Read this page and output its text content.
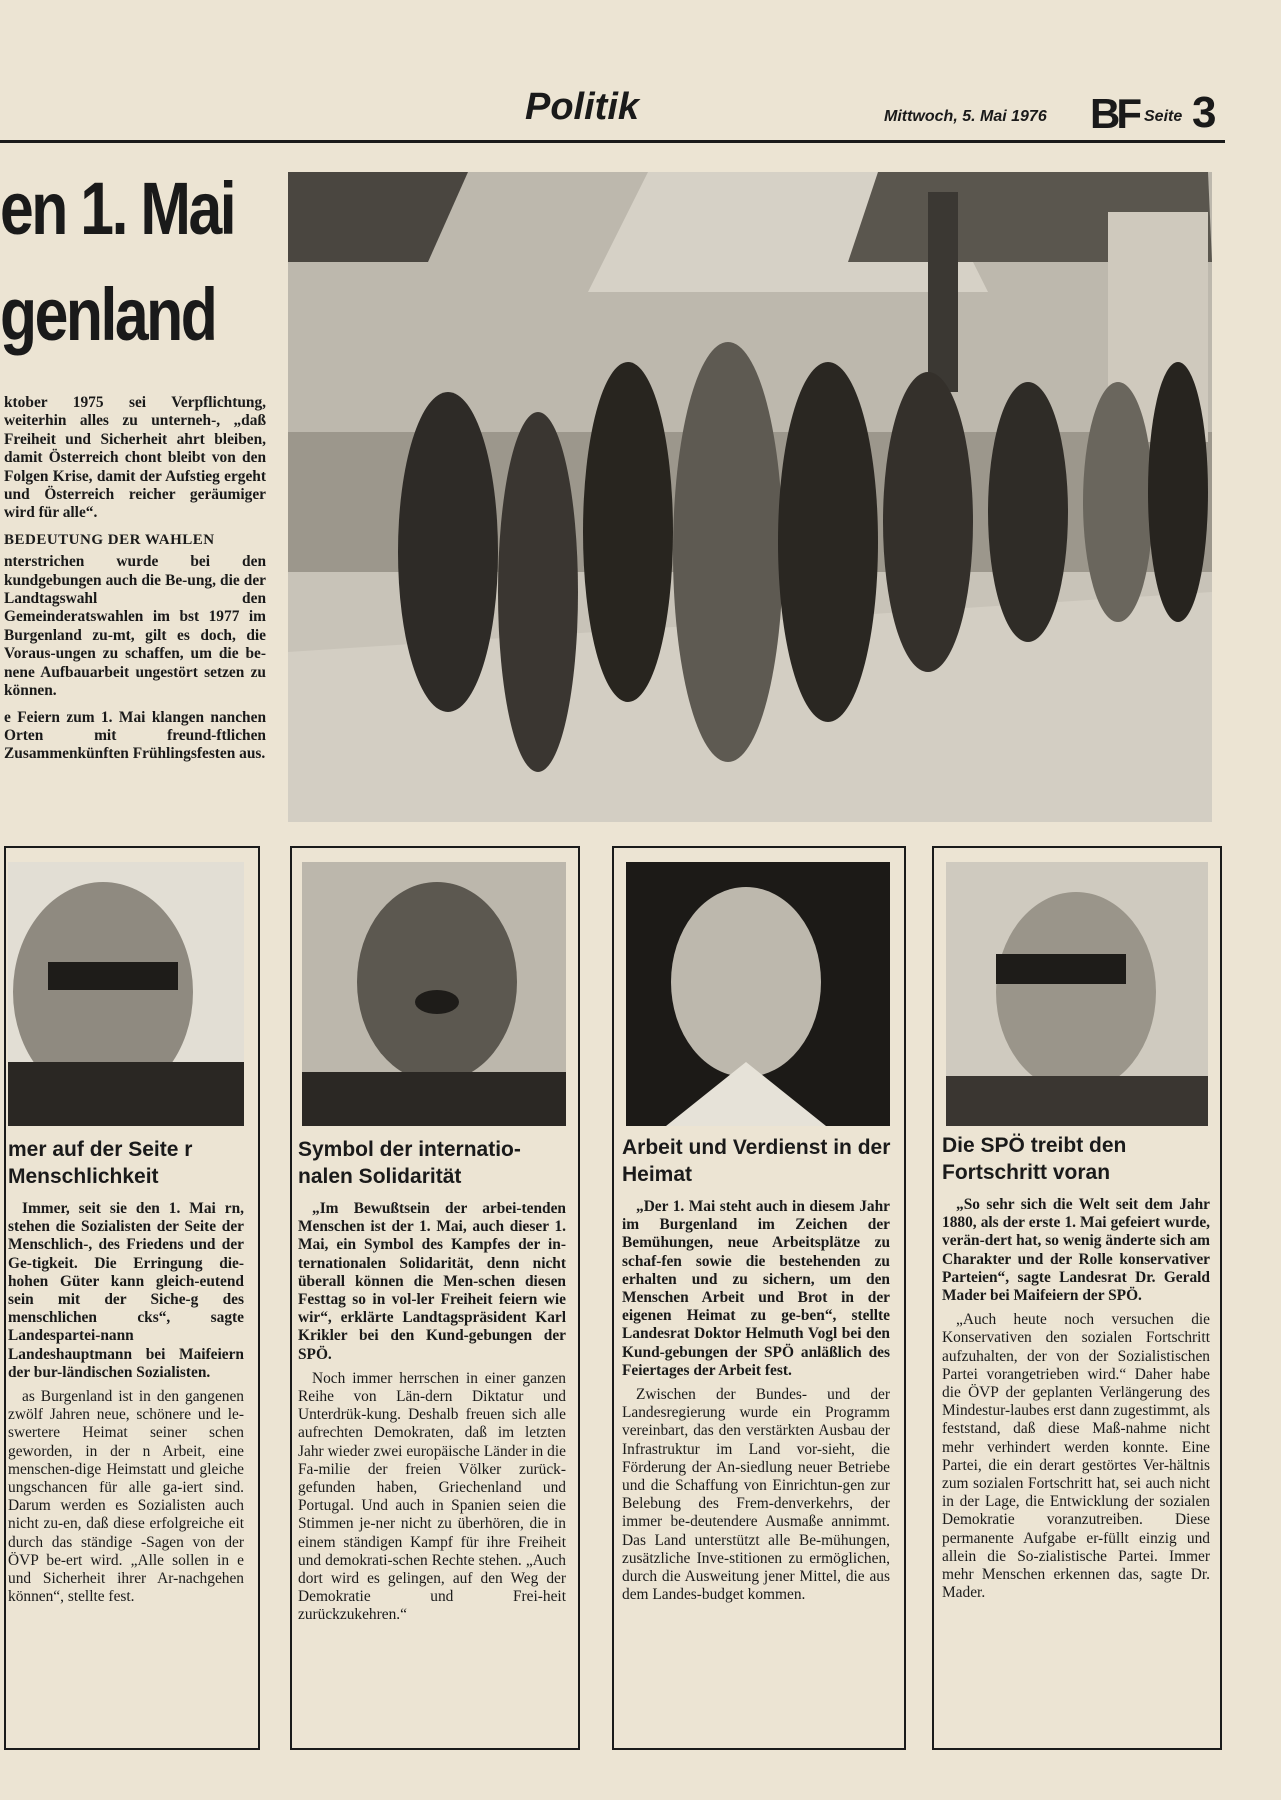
Politik	Mittwoch, 5. Mai 1976 BF Seite 3
en 1. Mai
genland

ktober 1975 sei Verpflichtung, weiterhin alles zu unterneh-, „daß Freiheit und Sicherheit ahrt bleiben, damit Österreich chont bleibt von den Folgen Krise, damit der Aufstieg ergeht und Österreich reicher geräumiger wird für alle“.

BEDEUTUNG DER WAHLEN

nterstrichen wurde bei den kundgebungen auch die Be-ung, die der Landtagswahl den Gemeinderatswahlen im bst 1977 im Burgenland zu-mt, gilt es doch, die Voraus-ungen zu schaffen, um die be-nene Aufbauarbeit ungestört setzen zu können.

e Feiern zum 1. Mai klangen nanchen Orten mit freund-ftlichen Zusammenkünften Frühlingsfesten aus.

mer auf der Seite r Menschlichkeit

Immer, seit sie den 1. Mai rn, stehen die Sozialisten der Seite der Menschlich-, des Friedens und der Ge-tigkeit. Die Erringung die-hohen Güter kann gleich-eutend sein mit der Siche-g des menschlichen cks“, sagte Landespartei-nann Landeshauptmann bei Maifeiern der bur-ländischen Sozialisten.

as Burgenland ist in den gangenen zwölf Jahren neue, schönere und le-swertere Heimat seiner schen geworden, in der n Arbeit, eine menschen-dige Heimstatt und gleiche ungschancen für alle ga-iert sind. Darum werden es Sozialisten auch nicht zu-en, daß diese erfolgreiche eit durch das ständige -Sagen von der ÖVP be-ert wird. „Alle sollen in e und Sicherheit ihrer Ar-nachgehen können“, stellte fest.

Symbol der internatio-nalen Solidarität

„Im Bewußtsein der arbei-tenden Menschen ist der 1. Mai, auch dieser 1. Mai, ein Symbol des Kampfes der in-ternationalen Solidarität, denn nicht überall können die Men-schen diesen Festtag so in vol-ler Freiheit feiern wie wir“, erklärte Landtagspräsident Karl Krikler bei den Kund-gebungen der SPÖ.

Noch immer herrschen in einer ganzen Reihe von Län-dern Diktatur und Unterdrük-kung. Deshalb freuen sich alle aufrechten Demokraten, daß im letzten Jahr wieder zwei europäische Länder in die Fa-milie der freien Völker zurück-gefunden haben, Griechenland und Portugal. Und auch in Spanien seien die Stimmen je-ner nicht zu überhören, die in einem ständigen Kampf für ihre Freiheit und demokrati-schen Rechte stehen. „Auch dort wird es gelingen, auf den Weg der Demokratie und Frei-heit zurückzukehren.“

Arbeit und Verdienst in der Heimat

„Der 1. Mai steht auch in diesem Jahr im Burgenland im Zeichen der Bemühungen, neue Arbeitsplätze zu schaf-fen sowie die bestehenden zu erhalten und zu sichern, um den Menschen Arbeit und Brot in der eigenen Heimat zu ge-ben“, stellte Landesrat Doktor Helmuth Vogl bei den Kund-gebungen der SPÖ anläßlich des Feiertages der Arbeit fest.

Zwischen der Bundes- und der Landesregierung wurde ein Programm vereinbart, das den verstärkten Ausbau der Infrastruktur im Land vor-sieht, die Förderung der An-siedlung neuer Betriebe und die Schaffung von Einrichtun-gen zur Belebung des Frem-denverkehrs, der immer be-deutendere Ausmaße annimmt. Das Land unterstützt alle Be-mühungen, zusätzliche Inve-stitionen zu ermöglichen, durch die Ausweitung jener Mittel, die aus dem Landes-budget kommen.

Die SPÖ treibt den Fortschritt voran

„So sehr sich die Welt seit dem Jahr 1880, als der erste 1. Mai gefeiert wurde, verän-dert hat, so wenig änderte sich am Charakter und der Rolle konservativer Parteien“, sagte Landesrat Dr. Gerald Mader bei Maifeiern der SPÖ.

„Auch heute noch versuchen die Konservativen den sozialen Fortschritt aufzuhalten, der von der Sozialistischen Partei vorangetrieben wird.“ Daher habe die ÖVP der geplanten Verlängerung des Mindestur-laubes erst dann zugestimmt, als feststand, daß diese Maß-nahme nicht mehr verhindert werden konnte. Eine Partei, die ein derart gestörtes Ver-hältnis zum sozialen Fortschritt hat, sei auch nicht in der Lage, die Entwicklung der sozialen Demokratie voranzutreiben. Diese permanente Aufgabe er-füllt einzig und allein die So-zialistische Partei. Immer mehr Menschen erkennen das, sagte Dr. Mader.
